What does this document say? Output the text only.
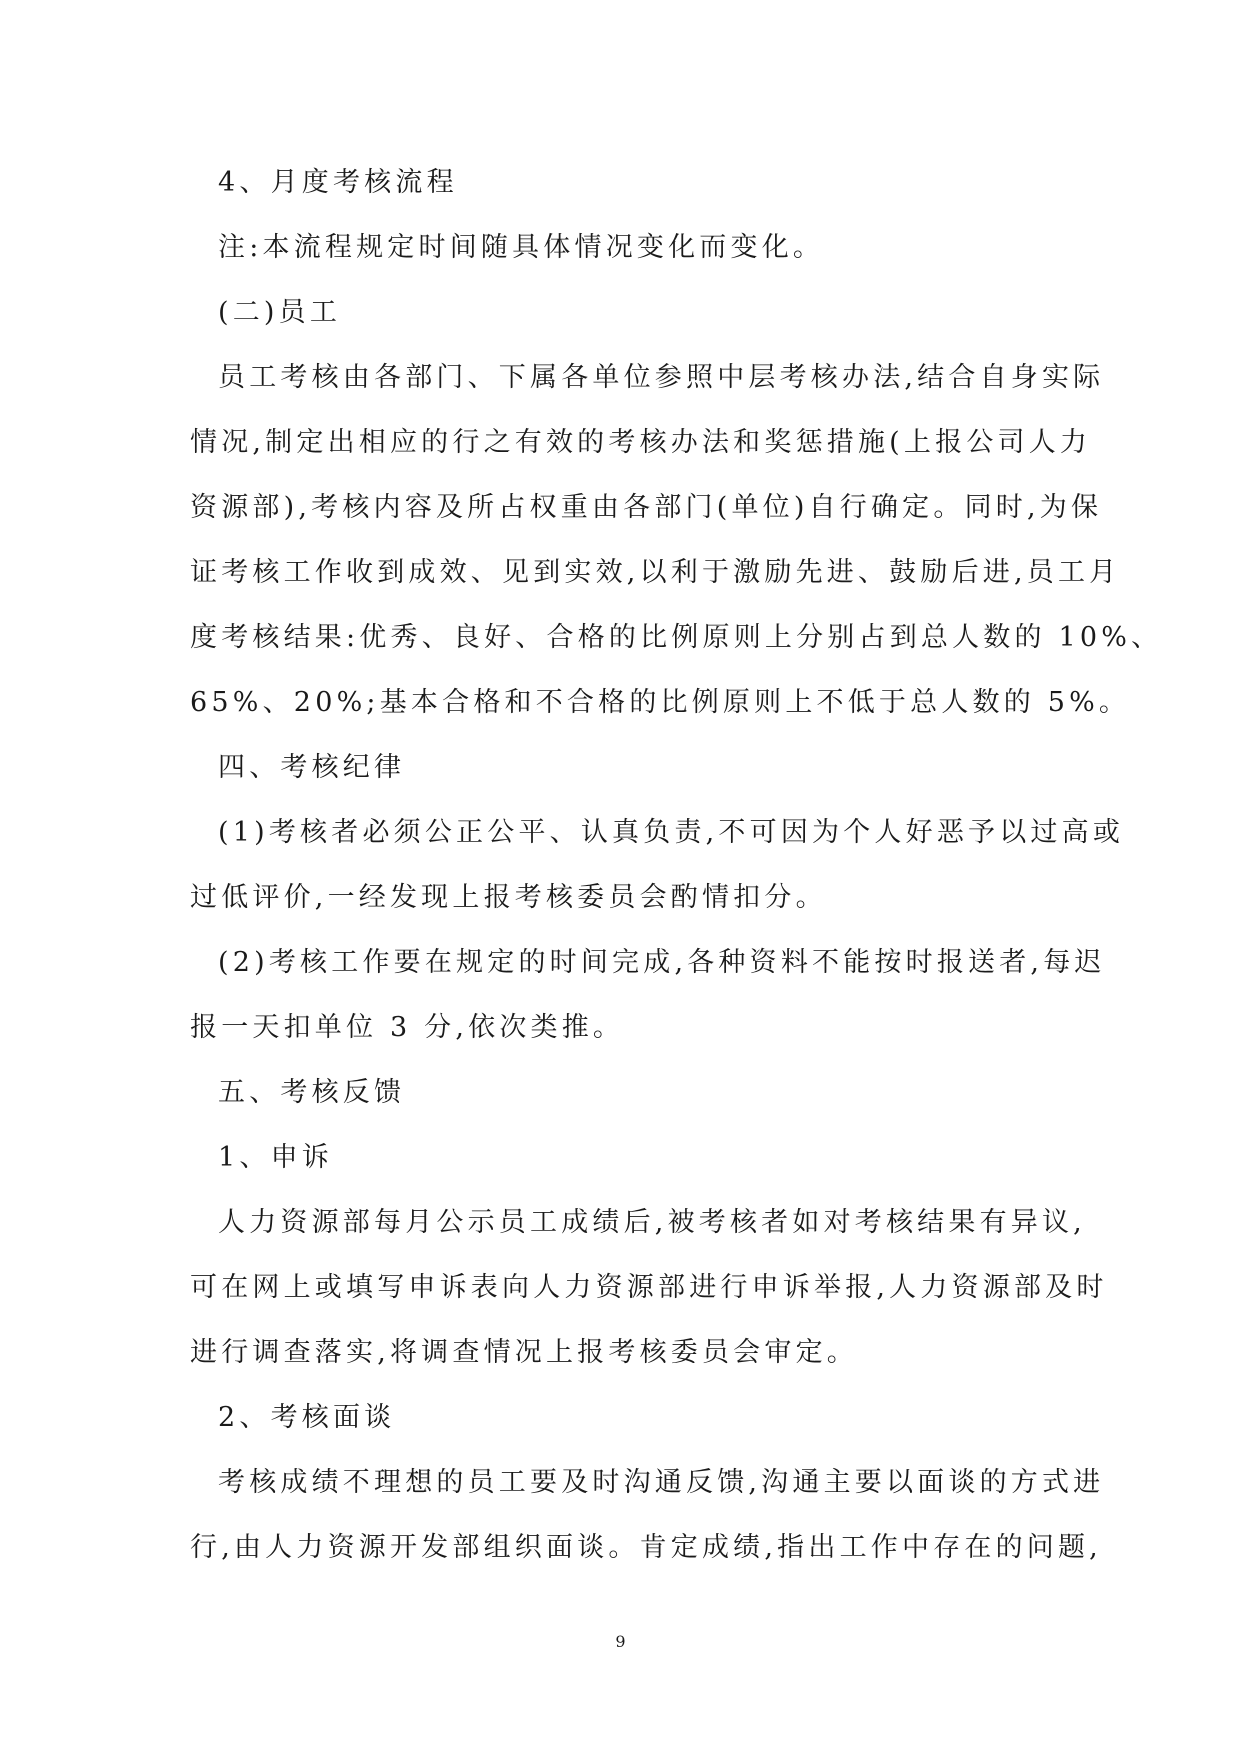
4、月度考核流程
注:本流程规定时间随具体情况变化而变化。
(二)员工
员工考核由各部门、下属各单位参照中层考核办法,结合自身实际
情况,制定出相应的行之有效的考核办法和奖惩措施(上报公司人力
资源部),考核内容及所占权重由各部门(单位)自行确定。同时,为保
证考核工作收到成效、见到实效,以利于激励先进、鼓励后进,员工月
度考核结果:优秀、良好、合格的比例原则上分别占到总人数的 10%、
65%、20%;基本合格和不合格的比例原则上不低于总人数的 5%。
四、考核纪律
(1)考核者必须公正公平、认真负责,不可因为个人好恶予以过高或
过低评价,一经发现上报考核委员会酌情扣分。
(2)考核工作要在规定的时间完成,各种资料不能按时报送者,每迟
报一天扣单位 3 分,依次类推。
五、考核反馈
1、申诉
人力资源部每月公示员工成绩后,被考核者如对考核结果有异议,
可在网上或填写申诉表向人力资源部进行申诉举报,人力资源部及时
进行调查落实,将调查情况上报考核委员会审定。
2、考核面谈
考核成绩不理想的员工要及时沟通反馈,沟通主要以面谈的方式进
行,由人力资源开发部组织面谈。肯定成绩,指出工作中存在的问题,
9
